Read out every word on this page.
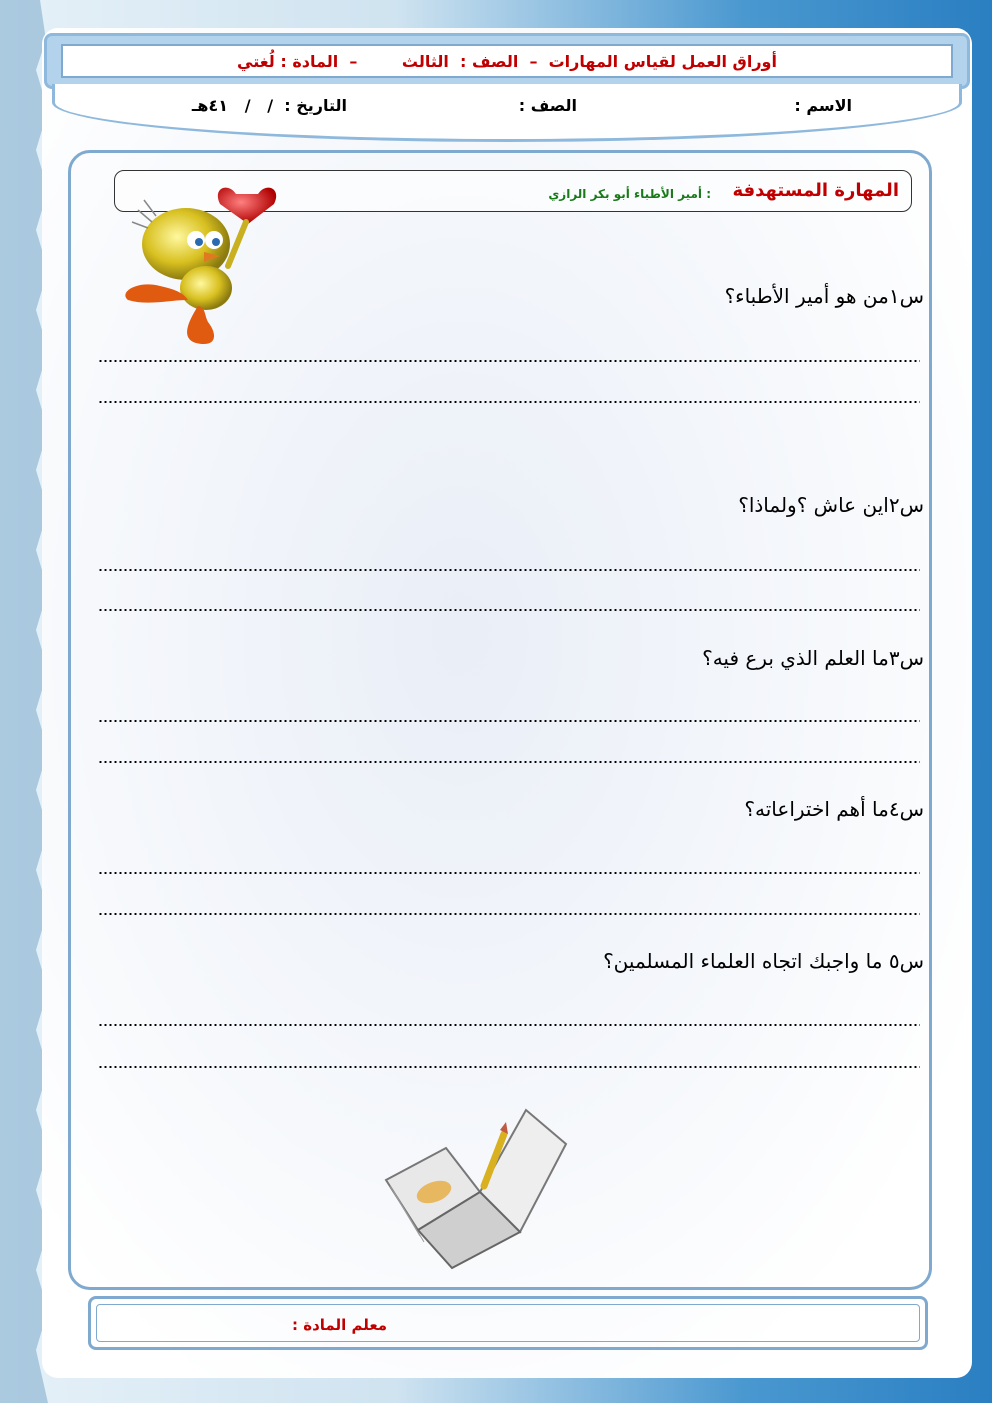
أوراق العمل لقياس المهارات  –  الصف :  الثالث        –  المادة : لُغتي
الاسم :
الصف :
التاريخ :  /   /   ٤١هـ
المهارة المستهدفة
: أمير الأطباء أبو بكر الرازي
س١من هو أمير الأطباء؟
س٢اين عاش ؟ولماذا؟
س٣ما العلم الذي برع فيه؟
س٤ما أهم اختراعاته؟
س٥ ما واجبك اتجاه العلماء المسلمين؟
معلم المادة :
